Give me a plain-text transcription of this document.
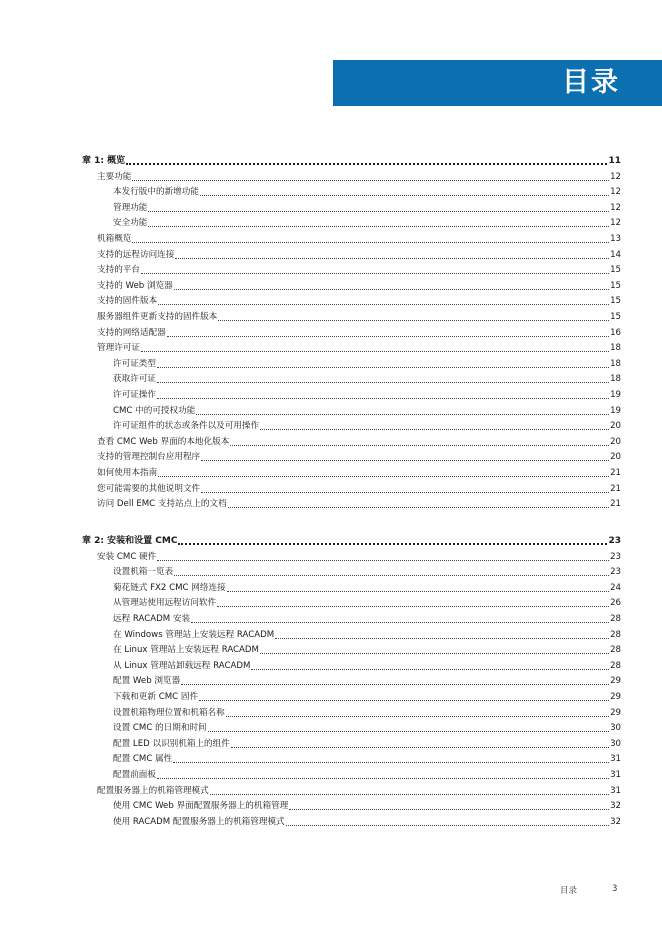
目录
章 1: 概览	11
主要功能	12
本发行版中的新增功能	12
管理功能	12
安全功能	12
机箱概览	13
支持的远程访问连接	14
支持的平台	15
支持的 Web 浏览器	15
支持的固件版本	15
服务器组件更新支持的固件版本	15
支持的网络适配器	16
管理许可证	18
许可证类型	18
获取许可证	18
许可证操作	19
CMC 中的可授权功能	19
许可证组件的状态或条件以及可用操作	20
查看 CMC Web 界面的本地化版本	20
支持的管理控制台应用程序	20
如何使用本指南	21
您可能需要的其他说明文件	21
访问 Dell EMC 支持站点上的文档	21
章 2: 安装和设置 CMC	23
安装 CMC 硬件	23
设置机箱一览表	23
菊花链式 FX2 CMC 网络连接	24
从管理站使用远程访问软件	26
远程 RACADM 安装	28
在 Windows 管理站上安装远程 RACADM	28
在 Linux 管理站上安装远程 RACADM	28
从 Linux 管理站卸载远程 RACADM	28
配置 Web 浏览器	29
下载和更新 CMC 固件	29
设置机箱物理位置和机箱名称	29
设置 CMC 的日期和时间	30
配置 LED 以识别机箱上的组件	30
配置 CMC 属性	31
配置前面板	31
配置服务器上的机箱管理模式	31
使用 CMC Web 界面配置服务器上的机箱管理	32
使用 RACADM 配置服务器上的机箱管理模式	32
目录	3
